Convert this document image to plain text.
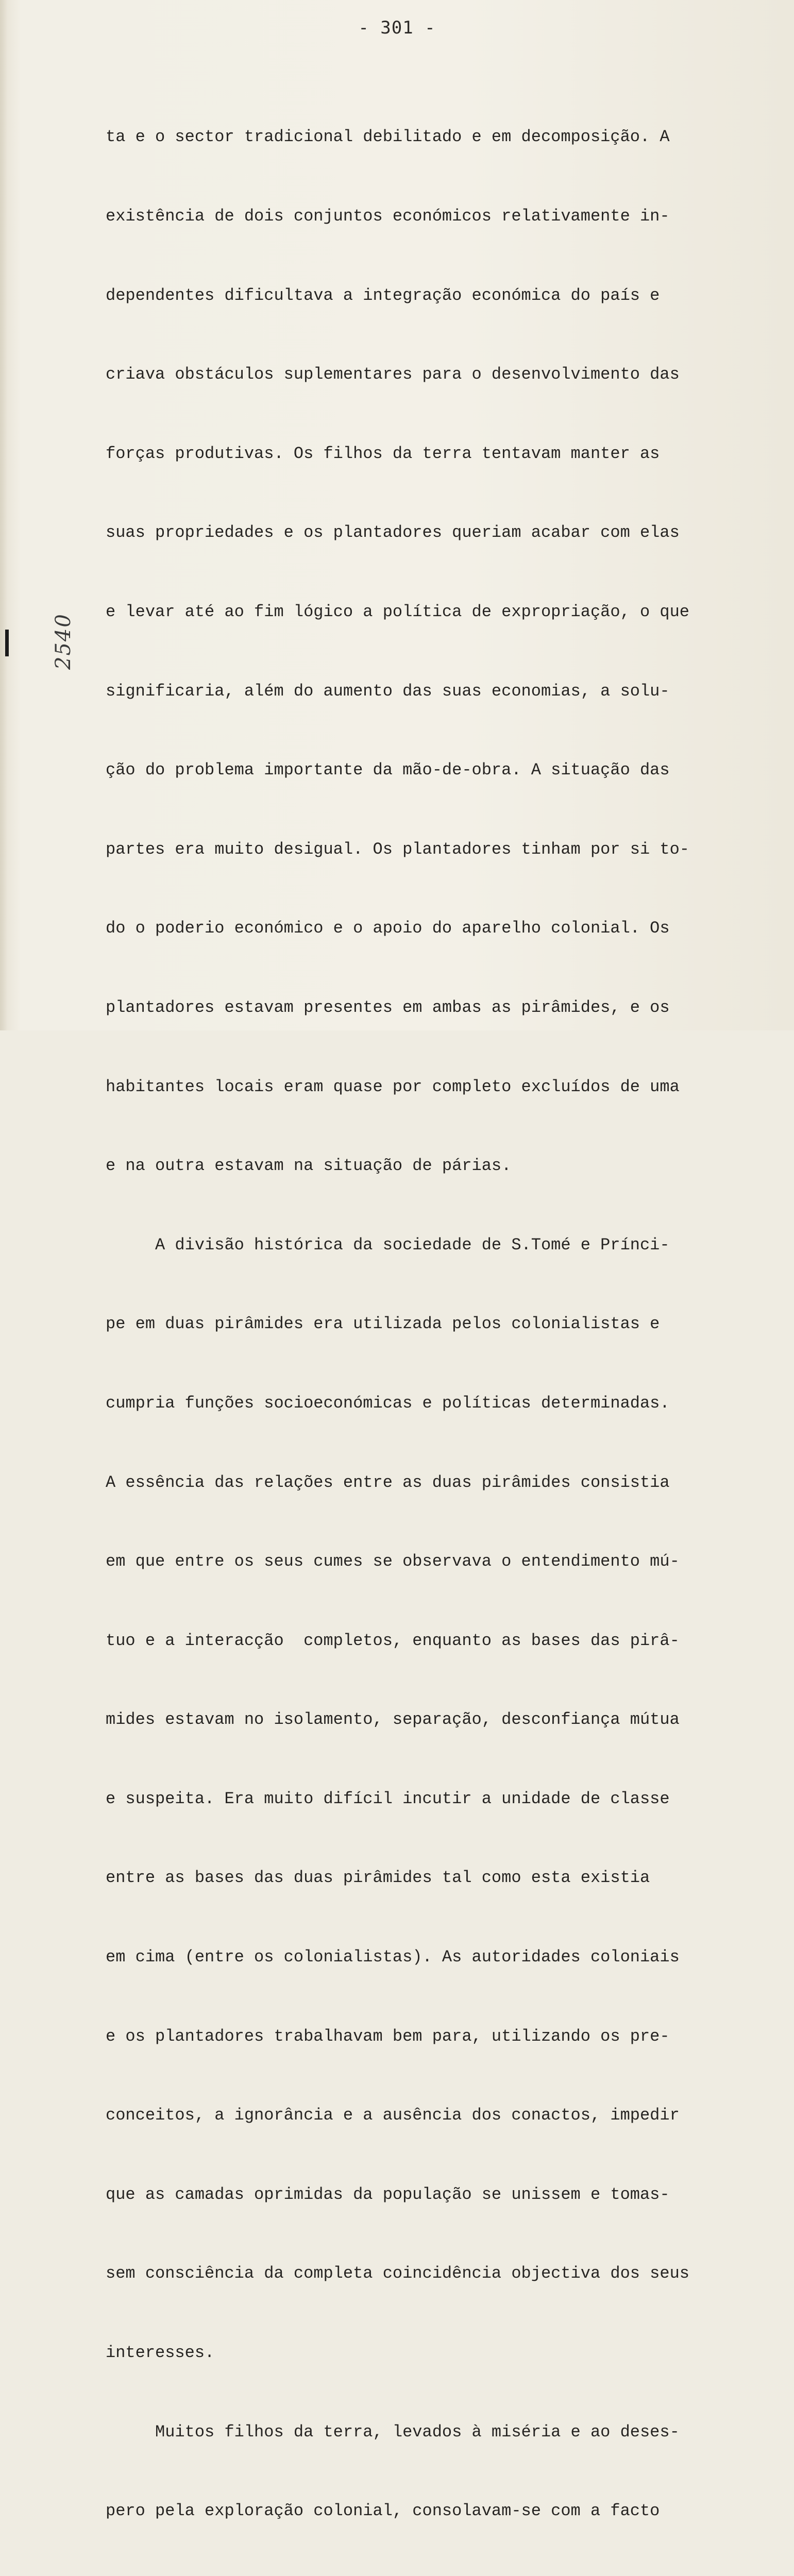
- 301 -

ta e o sector tradicional debilitado e em decomposição. A

existência de dois conjuntos económicos relativamente in-

dependentes dificultava a integração económica do país e

criava obstáculos suplementares para o desenvolvimento das

forças produtivas. Os filhos da terra tentavam manter as

suas propriedades e os plantadores queriam acabar com elas

e levar até ao fim lógico a política de expropriação, o que

significaria, além do aumento das suas economias, a solu-

ção do problema importante da mão-de-obra. A situação das

partes era muito desigual. Os plantadores tinham por si to-

do o poderio económico e o apoio do aparelho colonial. Os

plantadores estavam presentes em ambas as pirâmides, e os

habitantes locais eram quase por completo excluídos de uma

e na outra estavam na situação de párias.

A divisão histórica da sociedade de S.Tomé e Prínci-

pe em duas pirâmides era utilizada pelos colonialistas e

cumpria funções socioeconómicas e políticas determinadas.

A essência das relações entre as duas pirâmides consistia

em que entre os seus cumes se observava o entendimento mú-

tuo e a interacção  completos, enquanto as bases das pirâ-

mides estavam no isolamento, separação, desconfiança mútua

e suspeita. Era muito difícil incutir a unidade de classe

entre as bases das duas pirâmides tal como esta existia

em cima (entre os colonialistas). As autoridades coloniais

e os plantadores trabalhavam bem para, utilizando os pre-

conceitos, a ignorância e a ausência dos conactos, impedir

que as camadas oprimidas da população se unissem e tomas-

sem consciência da completa coincidência objectiva dos seus

interesses.

Muitos filhos da terra, levados à miséria e ao deses-

pero pela exploração colonial, consolavam-se com a facto

2540
